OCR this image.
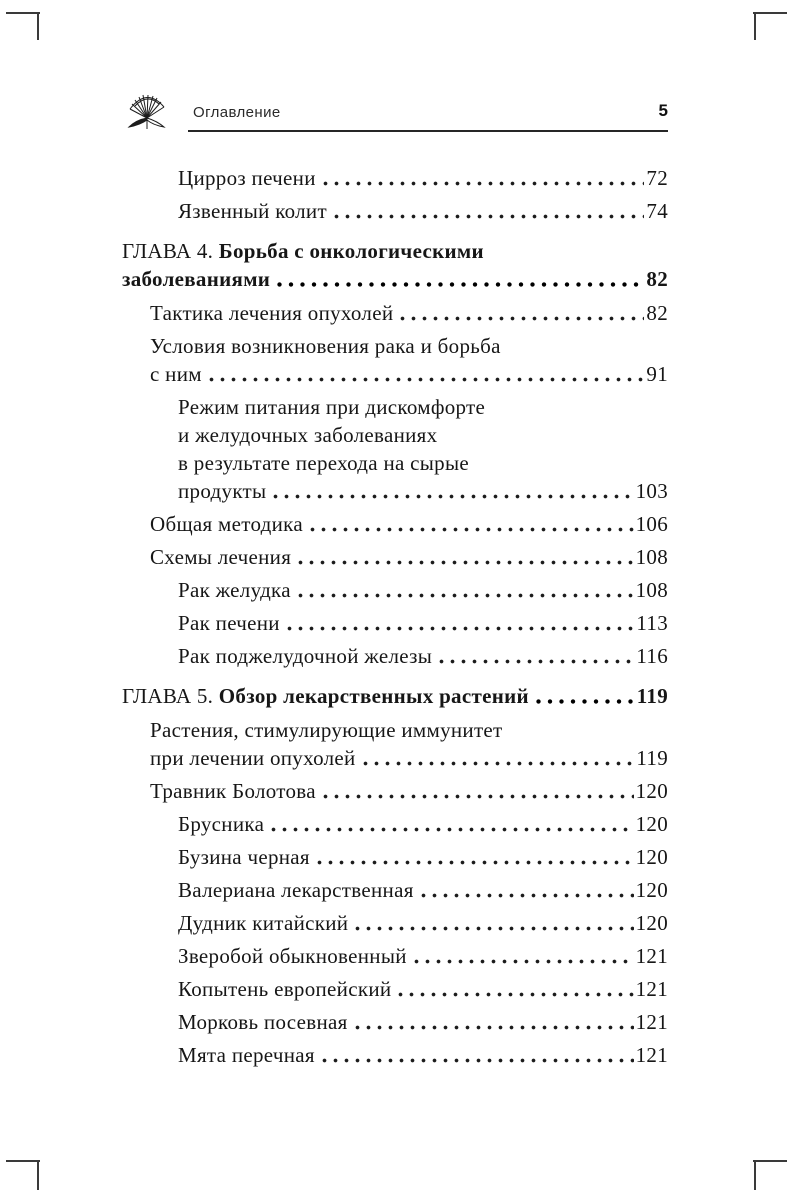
Оглавление	5
Цирроз печени	72
Язвенный колит	74
ГЛАВА 4. Борьба с онкологическими
заболеваниями	82
Тактика лечения опухолей	82
Условия возникновения рака и борьба
с ним	91
Режим питания при дискомфорте
и желудочных заболеваниях
в результате перехода на сырые
продукты	103
Общая методика	106
Схемы лечения	108
Рак желудка	108
Рак печени	113
Рак поджелудочной железы	116
ГЛАВА 5. Обзор лекарственных растений	119
Растения, стимулирующие иммунитет
при лечении опухолей	119
Травник Болотова	120
Брусника	120
Бузина черная	120
Валериана лекарственная	120
Дудник китайский	120
Зверобой обыкновенный	121
Копытень европейский	121
Морковь посевная	121
Мята перечная	121
